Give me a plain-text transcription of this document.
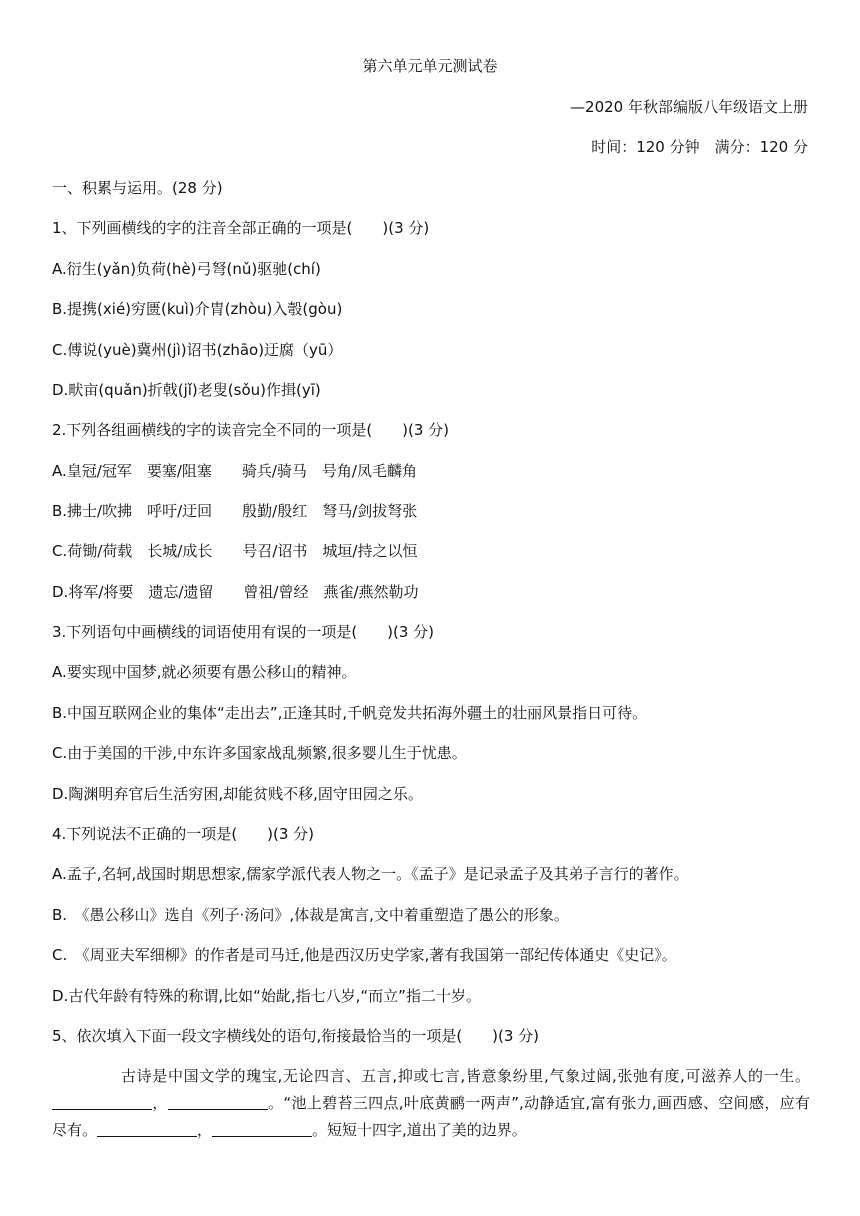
第六单元单元测试卷
—2020 年秋部编版八年级语文上册
时间：120 分钟　满分：120 分
一、积累与运用。(28 分)
1、下列画横线的字的注音全部正确的一项是(　　)(3 分)
A.衍生(yǎn)负荷(hè)弓弩(nǔ)驱驰(chí)
B.提携(xié)穷匮(kuì)介胄(zhòu)入彀(gòu)
C.傅说(yuè)冀州(jì)诏书(zhāo)迂腐（yū）
D.畎亩(quǎn)折戟(jǐ)老叟(sǒu)作揖(yī)
2.下列各组画横线的字的读音完全不同的一项是(　　)(3 分)
A.皇冠/冠军　要塞/阻塞　　骑兵/骑马　号角/凤毛麟角
B.拂士/吹拂　呼吁/迂回　　殷勤/殷红　弩马/剑拔弩张
C.荷锄/荷载　长城/成长　　号召/诏书　城垣/持之以恒
D.将军/将要　遗忘/遗留　　曾祖/曾经　燕雀/燕然勒功
3.下列语句中画横线的词语使用有误的一项是(　　)(3 分)
A.要实现中国梦,就必须要有愚公移山的精神。
B.中国互联网企业的集体“走出去”,正逢其时,千帆竞发共拓海外疆土的壮丽风景指日可待。
C.由于美国的干涉,中东许多国家战乱频繁,很多婴儿生于忧患。
D.陶渊明弃官后生活穷困,却能贫贱不移,固守田园之乐。
4.下列说法不正确的一项是(　　)(3 分)
A.孟子,名轲,战国时期思想家,儒家学派代表人物之一。《孟子》是记录孟子及其弟子言行的著作。
B.　《愚公移山》选自《列子·汤问》,体裁是寓言,文中着重塑造了愚公的形象。
C.　《周亚夫军细柳》的作者是司马迁,他是西汉历史学家,著有我国第一部纪传体通史《史记》。
D.古代年龄有特殊的称谓,比如“始龀,指七八岁,“而立”指二十岁。
5、依次填入下面一段文字横线处的语句,衔接最恰当的一项是(　　)(3 分)
古诗是中国文学的瑰宝,无论四言、五言,抑或七言,皆意象纷里,气象过阔,张弛有度,可滋养人的一生。，	。“池上碧苔三四点,叶底黄鹂一两声”,动静适宜,富有张力,画西感、空间感，应有尽有。	，	。短短十四字,道出了美的边界。
